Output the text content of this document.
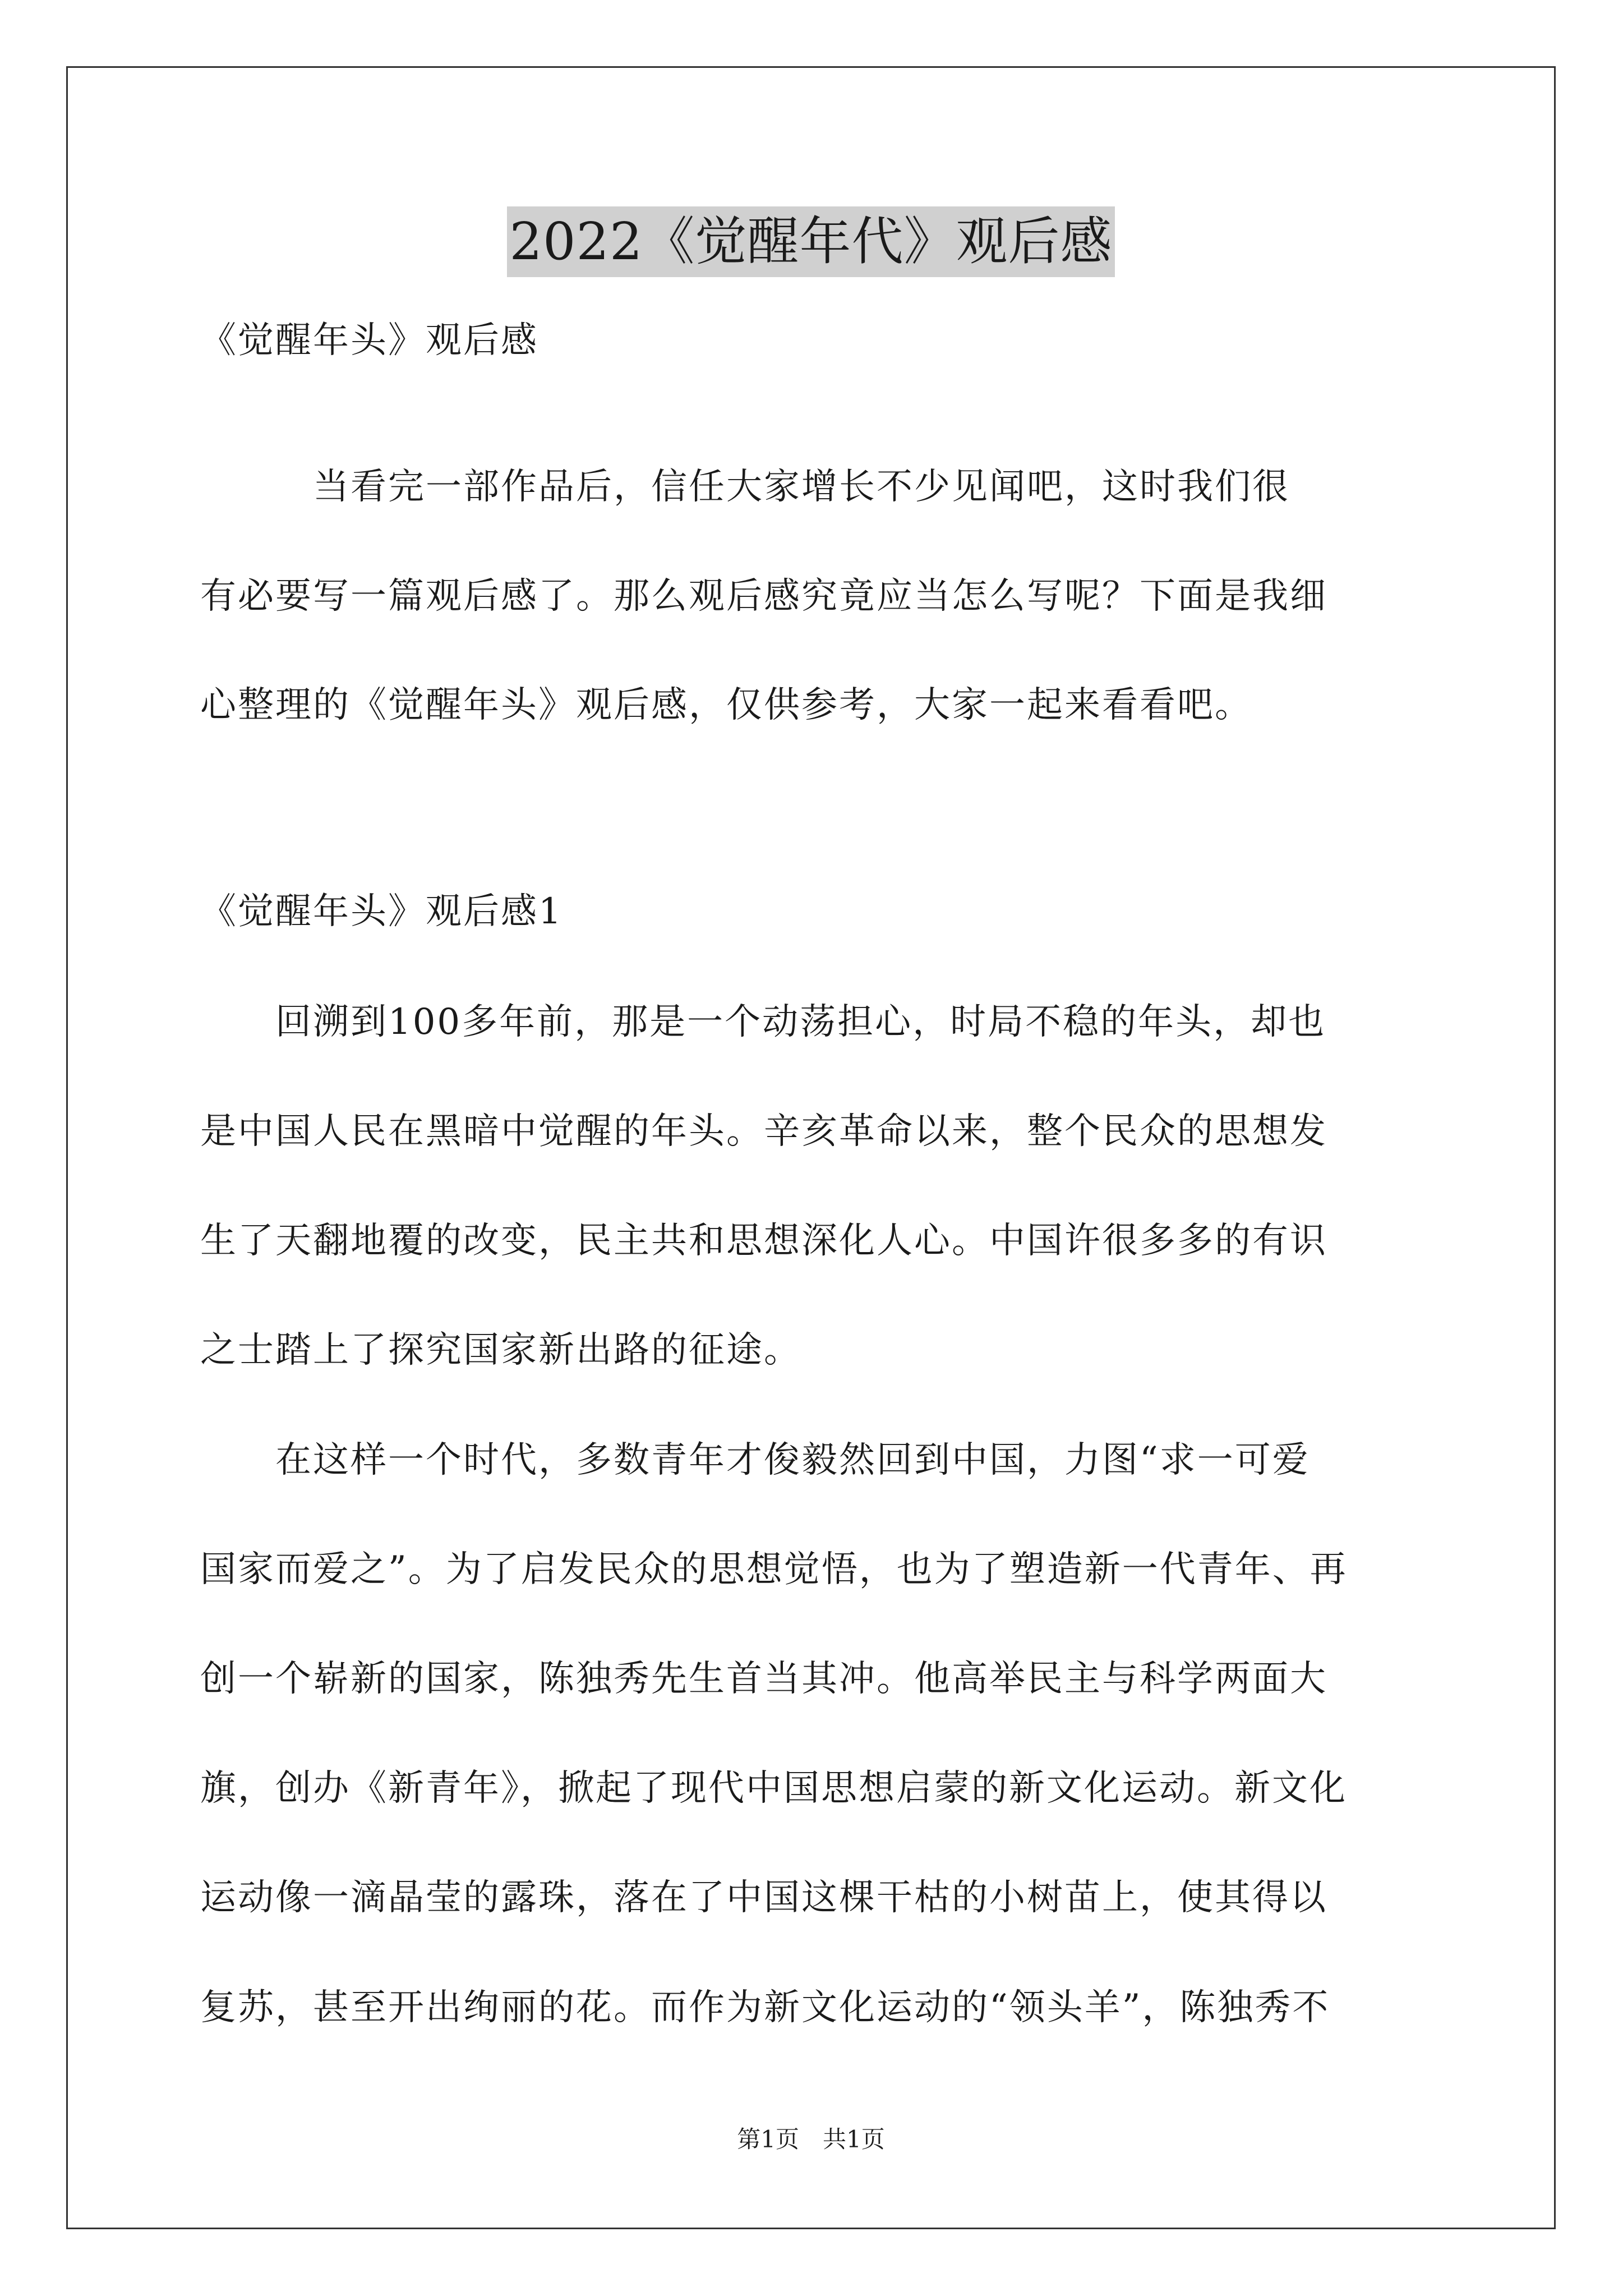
2022《觉醒年代》观后感
《觉醒年头》观后感
　　　当看完一部作品后，信任大家增长不少见闻吧，这时我们很
有必要写一篇观后感了。那么观后感究竟应当怎么写呢？下面是我细
心整理的《觉醒年头》观后感，仅供参考，大家一起来看看吧。
《觉醒年头》观后感1
　　回溯到100多年前，那是一个动荡担心，时局不稳的年头，却也
是中国人民在黑暗中觉醒的年头。辛亥革命以来，整个民众的思想发
生了天翻地覆的改变，民主共和思想深化人心。中国许很多多的有识
之士踏上了探究国家新出路的征途。
　　在这样一个时代，多数青年才俊毅然回到中国，力图“求一可爱
国家而爱之”。为了启发民众的思想觉悟，也为了塑造新一代青年、再
创一个崭新的国家，陈独秀先生首当其冲。他高举民主与科学两面大
旗，创办《新青年》，掀起了现代中国思想启蒙的新文化运动。新文化
运动像一滴晶莹的露珠，落在了中国这棵干枯的小树苗上，使其得以
复苏，甚至开出绚丽的花。而作为新文化运动的“领头羊”，陈独秀不
第1页　共1页
